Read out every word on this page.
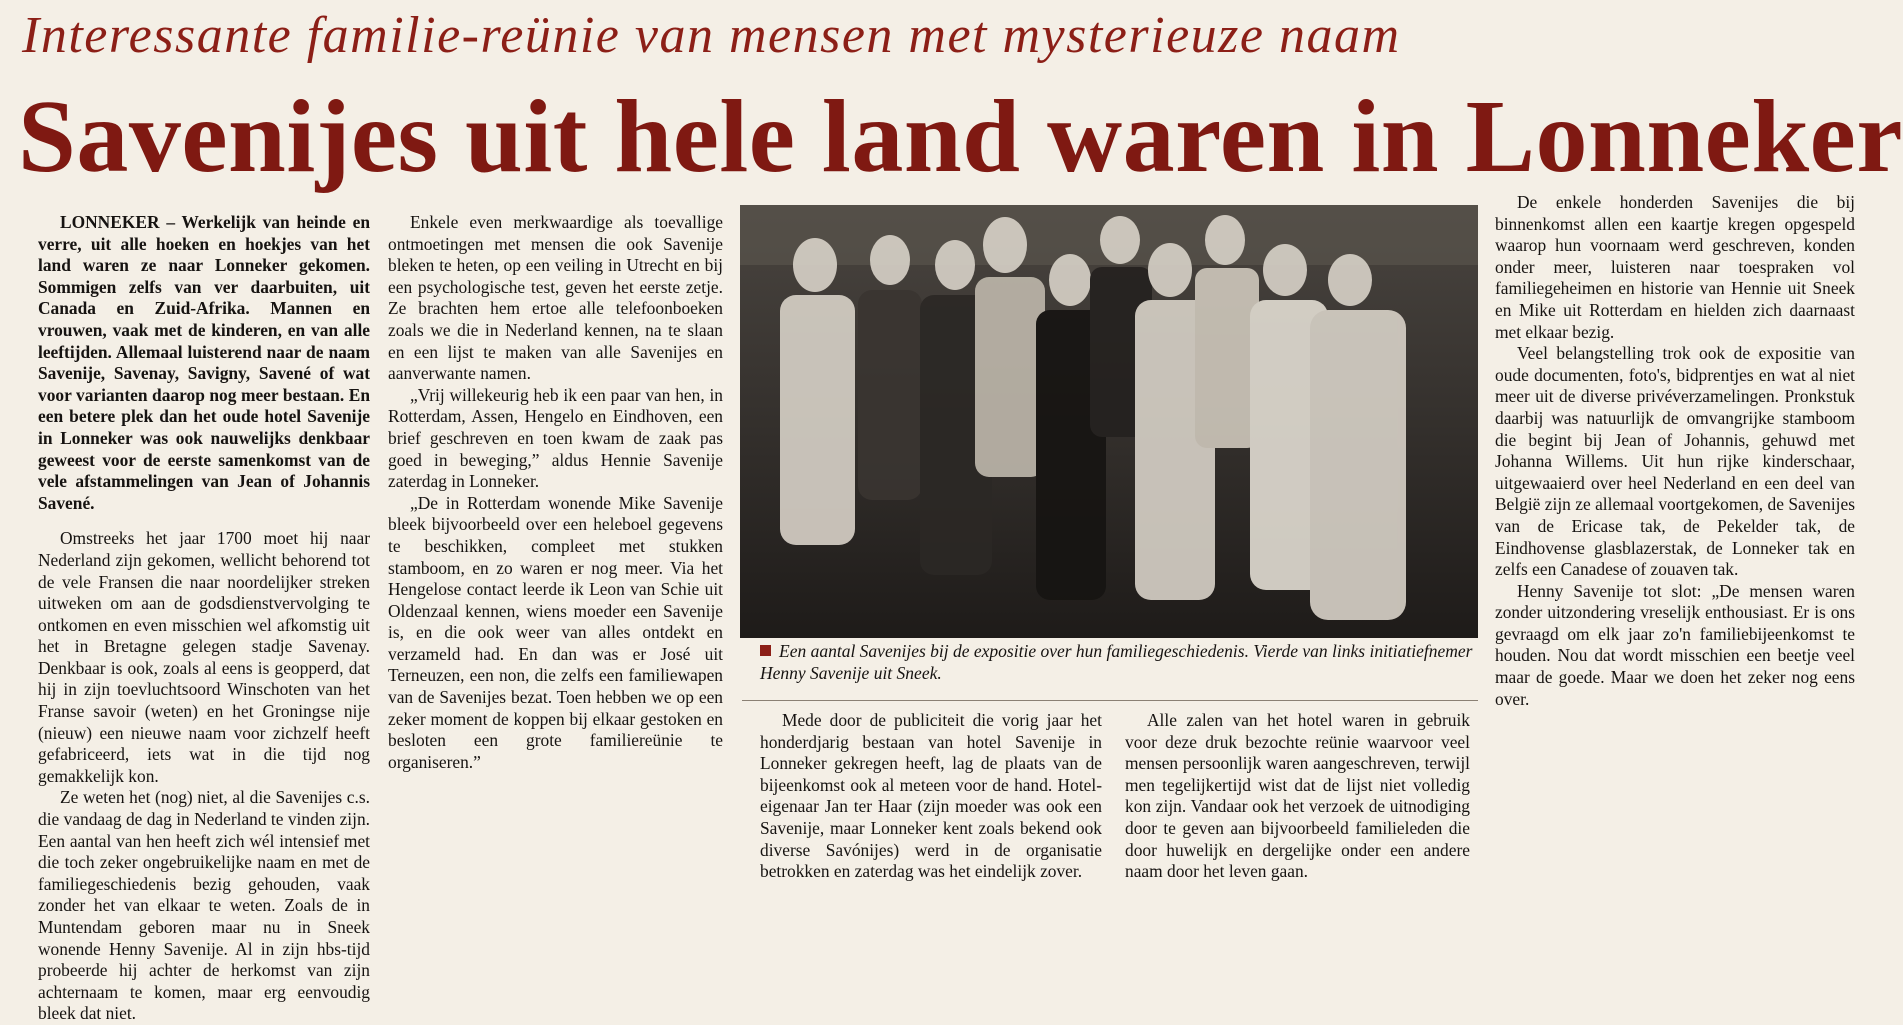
Interessante familie-reünie van mensen met mysterieuze naam
Savenijes uit hele land waren in Lonneker

LONNEKER – Werkelijk van heinde en verre, uit alle hoeken en hoekjes van het land waren ze naar Lonneker gekomen. Sommigen zelfs van ver daarbuiten, uit Canada en Zuid-Afrika. Mannen en vrouwen, vaak met de kinderen, en van alle leeftijden. Allemaal luisterend naar de naam Savenije, Savenay, Savigny, Savené of wat voor varianten daarop nog meer bestaan. En een betere plek dan het oude hotel Savenije in Lonneker was ook nauwelijks denkbaar geweest voor de eerste samenkomst van de vele afstammelingen van Jean of Johannis Savené.

Omstreeks het jaar 1700 moet hij naar Nederland zijn gekomen, wellicht behorend tot de vele Fransen die naar noordelijker streken uitweken om aan de godsdienstvervolging te ontkomen en even misschien wel afkomstig uit het in Bretagne gelegen stadje Savenay. Denkbaar is ook, zoals al eens is geopperd, dat hij in zijn toevluchtsoord Winschoten van het Franse savoir (weten) en het Groningse nije (nieuw) een nieuwe naam voor zichzelf heeft gefabriceerd, iets wat in die tijd nog gemakkelijk kon.

Ze weten het (nog) niet, al die Savenijes c.s. die vandaag de dag in Nederland te vinden zijn. Een aantal van hen heeft zich wél intensief met die toch zeker ongebruikelijke naam en met de familiegeschiedenis bezig gehouden, vaak zonder het van elkaar te weten. Zoals de in Muntendam geboren maar nu in Sneek wonende Henny Savenije. Al in zijn hbs-tijd probeerde hij achter de herkomst van zijn achternaam te komen, maar erg eenvoudig bleek dat niet.

Enkele even merkwaardige als toevallige ontmoetingen met mensen die ook Savenije bleken te heten, op een veiling in Utrecht en bij een psychologische test, geven het eerste zetje. Ze brachten hem ertoe alle telefoonboeken zoals we die in Nederland kennen, na te slaan en een lijst te maken van alle Savenijes en aanverwante namen.

„Vrij willekeurig heb ik een paar van hen, in Rotterdam, Assen, Hengelo en Eindhoven, een brief geschreven en toen kwam de zaak pas goed in beweging,” aldus Hennie Savenije zaterdag in Lonneker.

„De in Rotterdam wonende Mike Savenije bleek bijvoorbeeld over een heleboel gegevens te beschikken, compleet met stukken stamboom, en zo waren er nog meer. Via het Hengelose contact leerde ik Leon van Schie uit Oldenzaal kennen, wiens moeder een Savenije is, en die ook weer van alles ontdekt en verzameld had. En dan was er José uit Terneuzen, een non, die zelfs een familiewapen van de Savenijes bezat. Toen hebben we op een zeker moment de koppen bij elkaar gestoken en besloten een grote familiereünie te organiseren.”

Een aantal Savenijes bij de expositie over hun familiegeschiedenis. Vierde van links initiatiefnemer Henny Savenije uit Sneek.

Mede door de publiciteit die vorig jaar het honderdjarig bestaan van hotel Savenije in Lonneker gekregen heeft, lag de plaats van de bijeenkomst ook al meteen voor de hand. Hotel-eigenaar Jan ter Haar (zijn moeder was ook een Savenije, maar Lonneker kent zoals bekend ook diverse Savónijes) werd in de organisatie betrokken en zaterdag was het eindelijk zover.

Alle zalen van het hotel waren in gebruik voor deze druk bezochte reünie waarvoor veel mensen persoonlijk waren aangeschreven, terwijl men tegelijkertijd wist dat de lijst niet volledig kon zijn. Vandaar ook het verzoek de uitnodiging door te geven aan bijvoorbeeld familieleden die door huwelijk en dergelijke onder een andere naam door het leven gaan.

De enkele honderden Savenijes die bij binnenkomst allen een kaartje kregen opgespeld waarop hun voornaam werd geschreven, konden onder meer, luisteren naar toespraken vol familiegeheimen en historie van Hennie uit Sneek en Mike uit Rotterdam en hielden zich daarnaast met elkaar bezig.

Veel belangstelling trok ook de expositie van oude documenten, foto's, bidprentjes en wat al niet meer uit de diverse privéverzamelingen. Pronkstuk daarbij was natuurlijk de omvangrijke stamboom die begint bij Jean of Johannis, gehuwd met Johanna Willems. Uit hun rijke kinderschaar, uitgewaaierd over heel Nederland en een deel van België zijn ze allemaal voortgekomen, de Savenijes van de Ericase tak, de Pekelder tak, de Eindhovense glasblazerstak, de Lonneker tak en zelfs een Canadese of zouaven tak.

Henny Savenije tot slot: „De mensen waren zonder uitzondering vreselijk enthousiast. Er is ons gevraagd om elk jaar zo'n familiebijeenkomst te houden. Nou dat wordt misschien een beetje veel maar de goede. Maar we doen het zeker nog eens over.
